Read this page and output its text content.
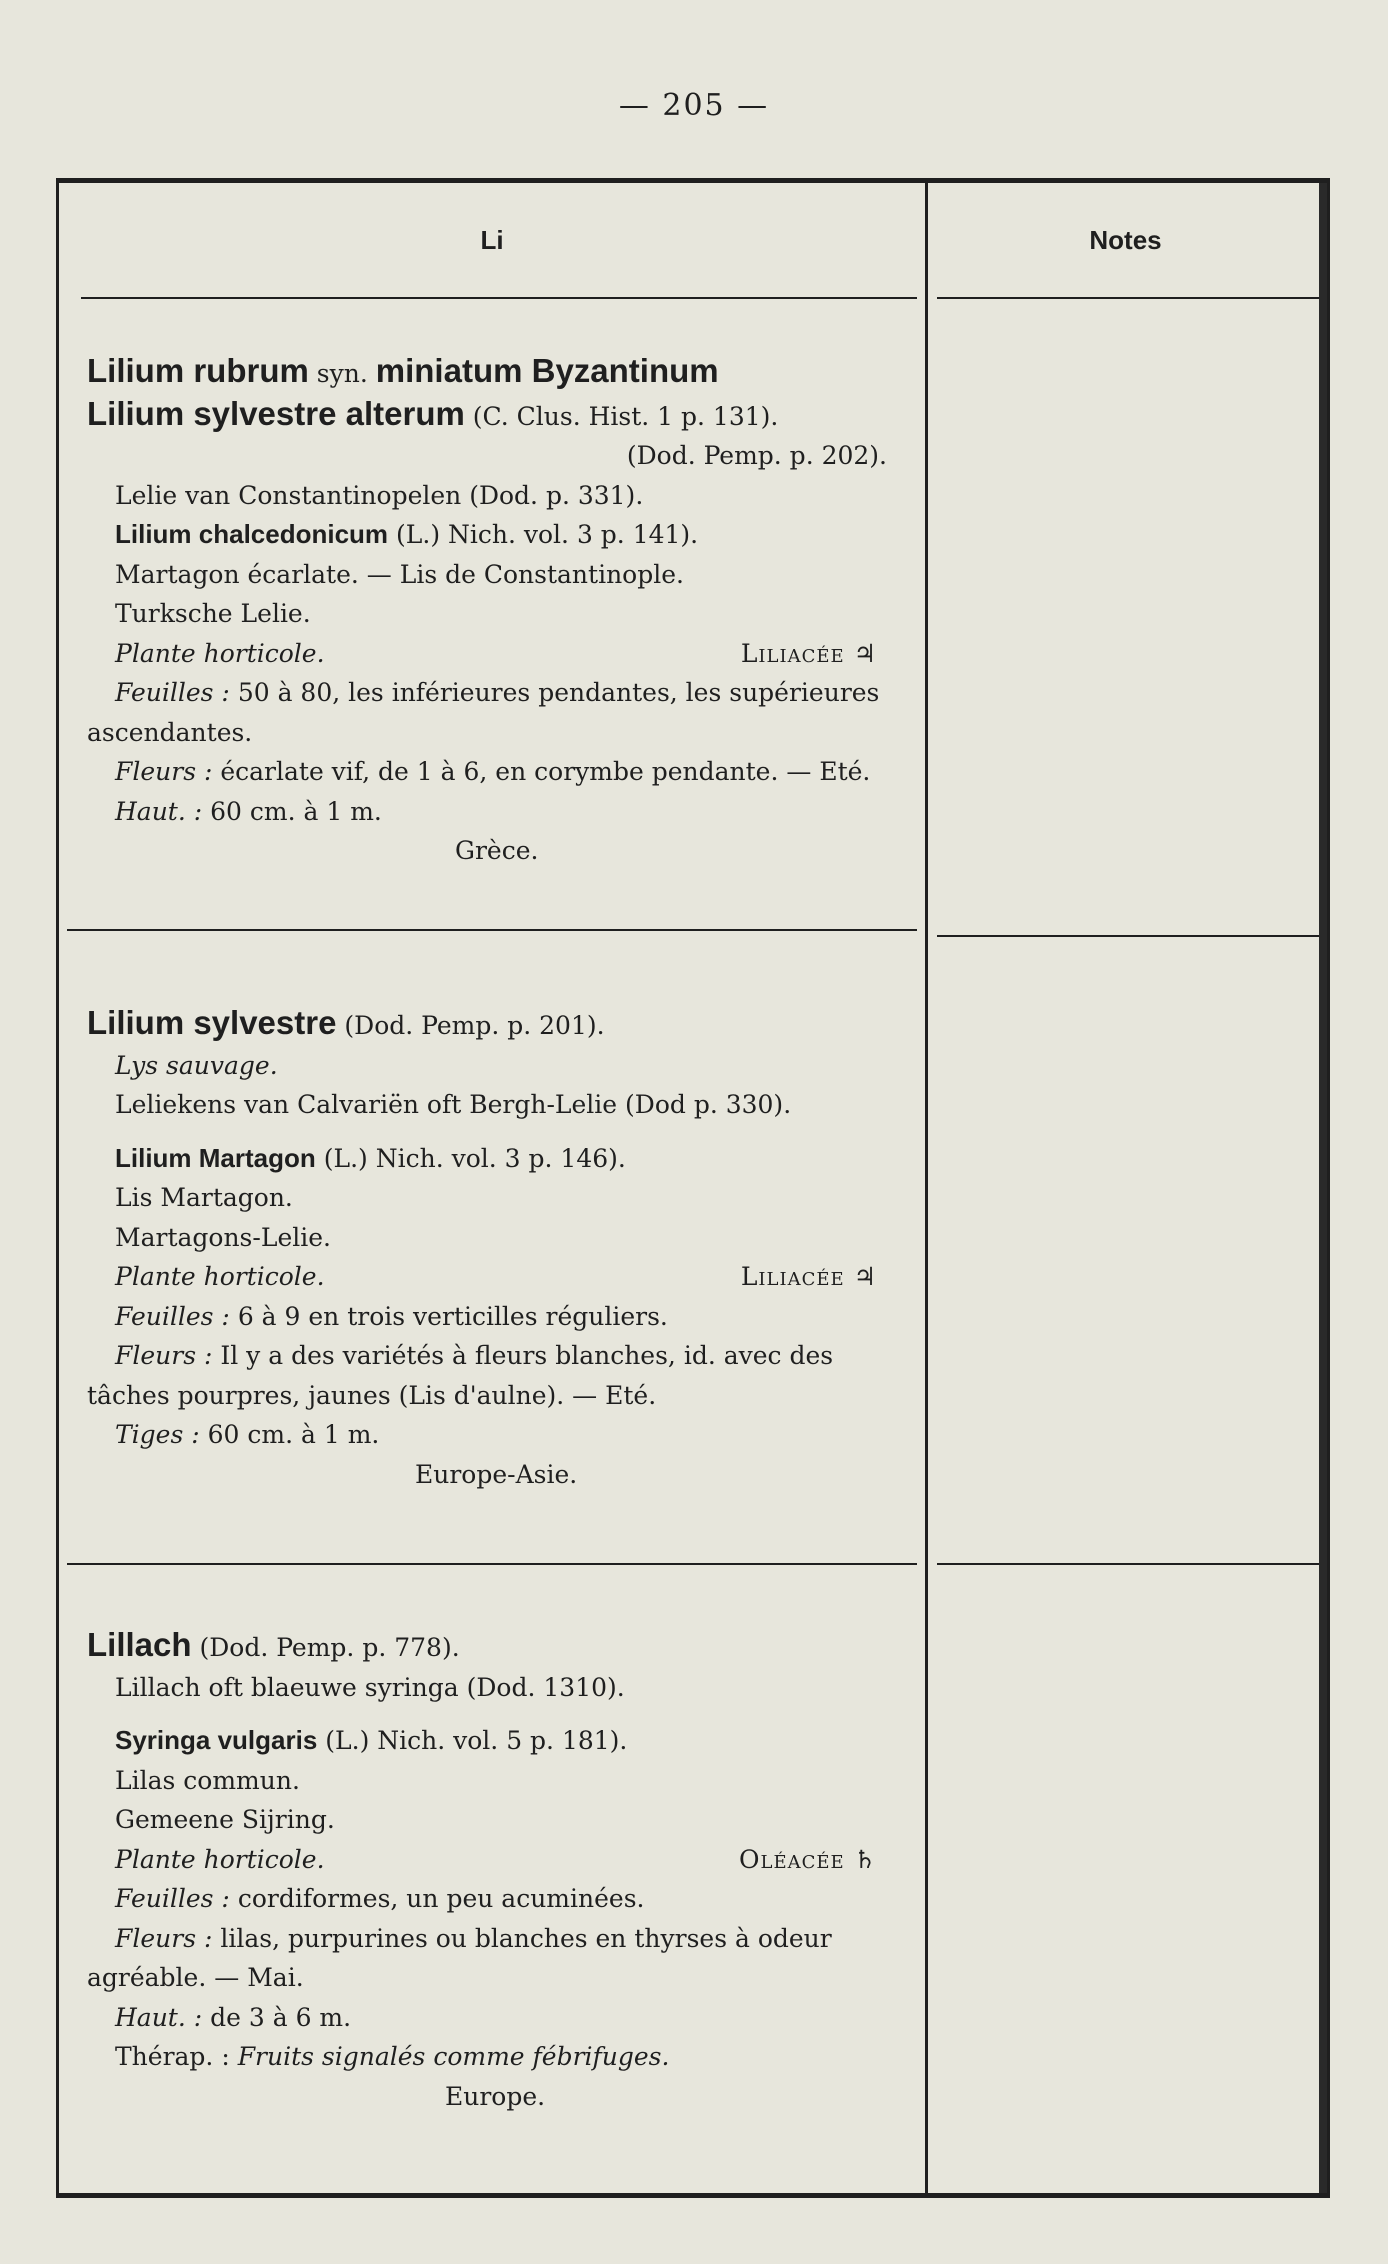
— 205 —
Li	Notes
Lilium rubrum syn. miniatum Byzantinum
Lilium sylvestre alterum (C. Clus. Hist. 1 p. 131).
(Dod. Pemp. p. 202).
Lelie van Constantinopelen (Dod. p. 331).
Lilium chalcedonicum (L.) Nich. vol. 3 p. 141).
Martagon écarlate. — Lis de Constantinople.
Turksche Lelie.
Plante horticole.	Liliacée ♃
Feuilles : 50 à 80, les inférieures pendantes, les supérieures
ascendantes.
Fleurs : écarlate vif, de 1 à 6, en corymbe pendante. — Eté.
Haut. : 60 cm. à 1 m.
Grèce.
Lilium sylvestre (Dod. Pemp. p. 201).
Lys sauvage.
Leliekens van Calvariën oft Bergh-Lelie (Dod p. 330).
Lilium Martagon (L.) Nich. vol. 3 p. 146).
Lis Martagon.
Martagons-Lelie.
Plante horticole.	Liliacée ♃
Feuilles : 6 à 9 en trois verticilles réguliers.
Fleurs : Il y a des variétés à fleurs blanches, id. avec des
tâches pourpres, jaunes (Lis d'aulne). — Eté.
Tiges : 60 cm. à 1 m.
Europe-Asie.
Lillach (Dod. Pemp. p. 778).
Lillach oft blaeuwe syringa (Dod. 1310).
Syringa vulgaris (L.) Nich. vol. 5 p. 181).
Lilas commun.
Gemeene Sijring.
Plante horticole.	Oléacée ♄
Feuilles : cordiformes, un peu acuminées.
Fleurs : lilas, purpurines ou blanches en thyrses à odeur
agréable. — Mai.
Haut. : de 3 à 6 m.
Thérap. : Fruits signalés comme fébrifuges.
Europe.
